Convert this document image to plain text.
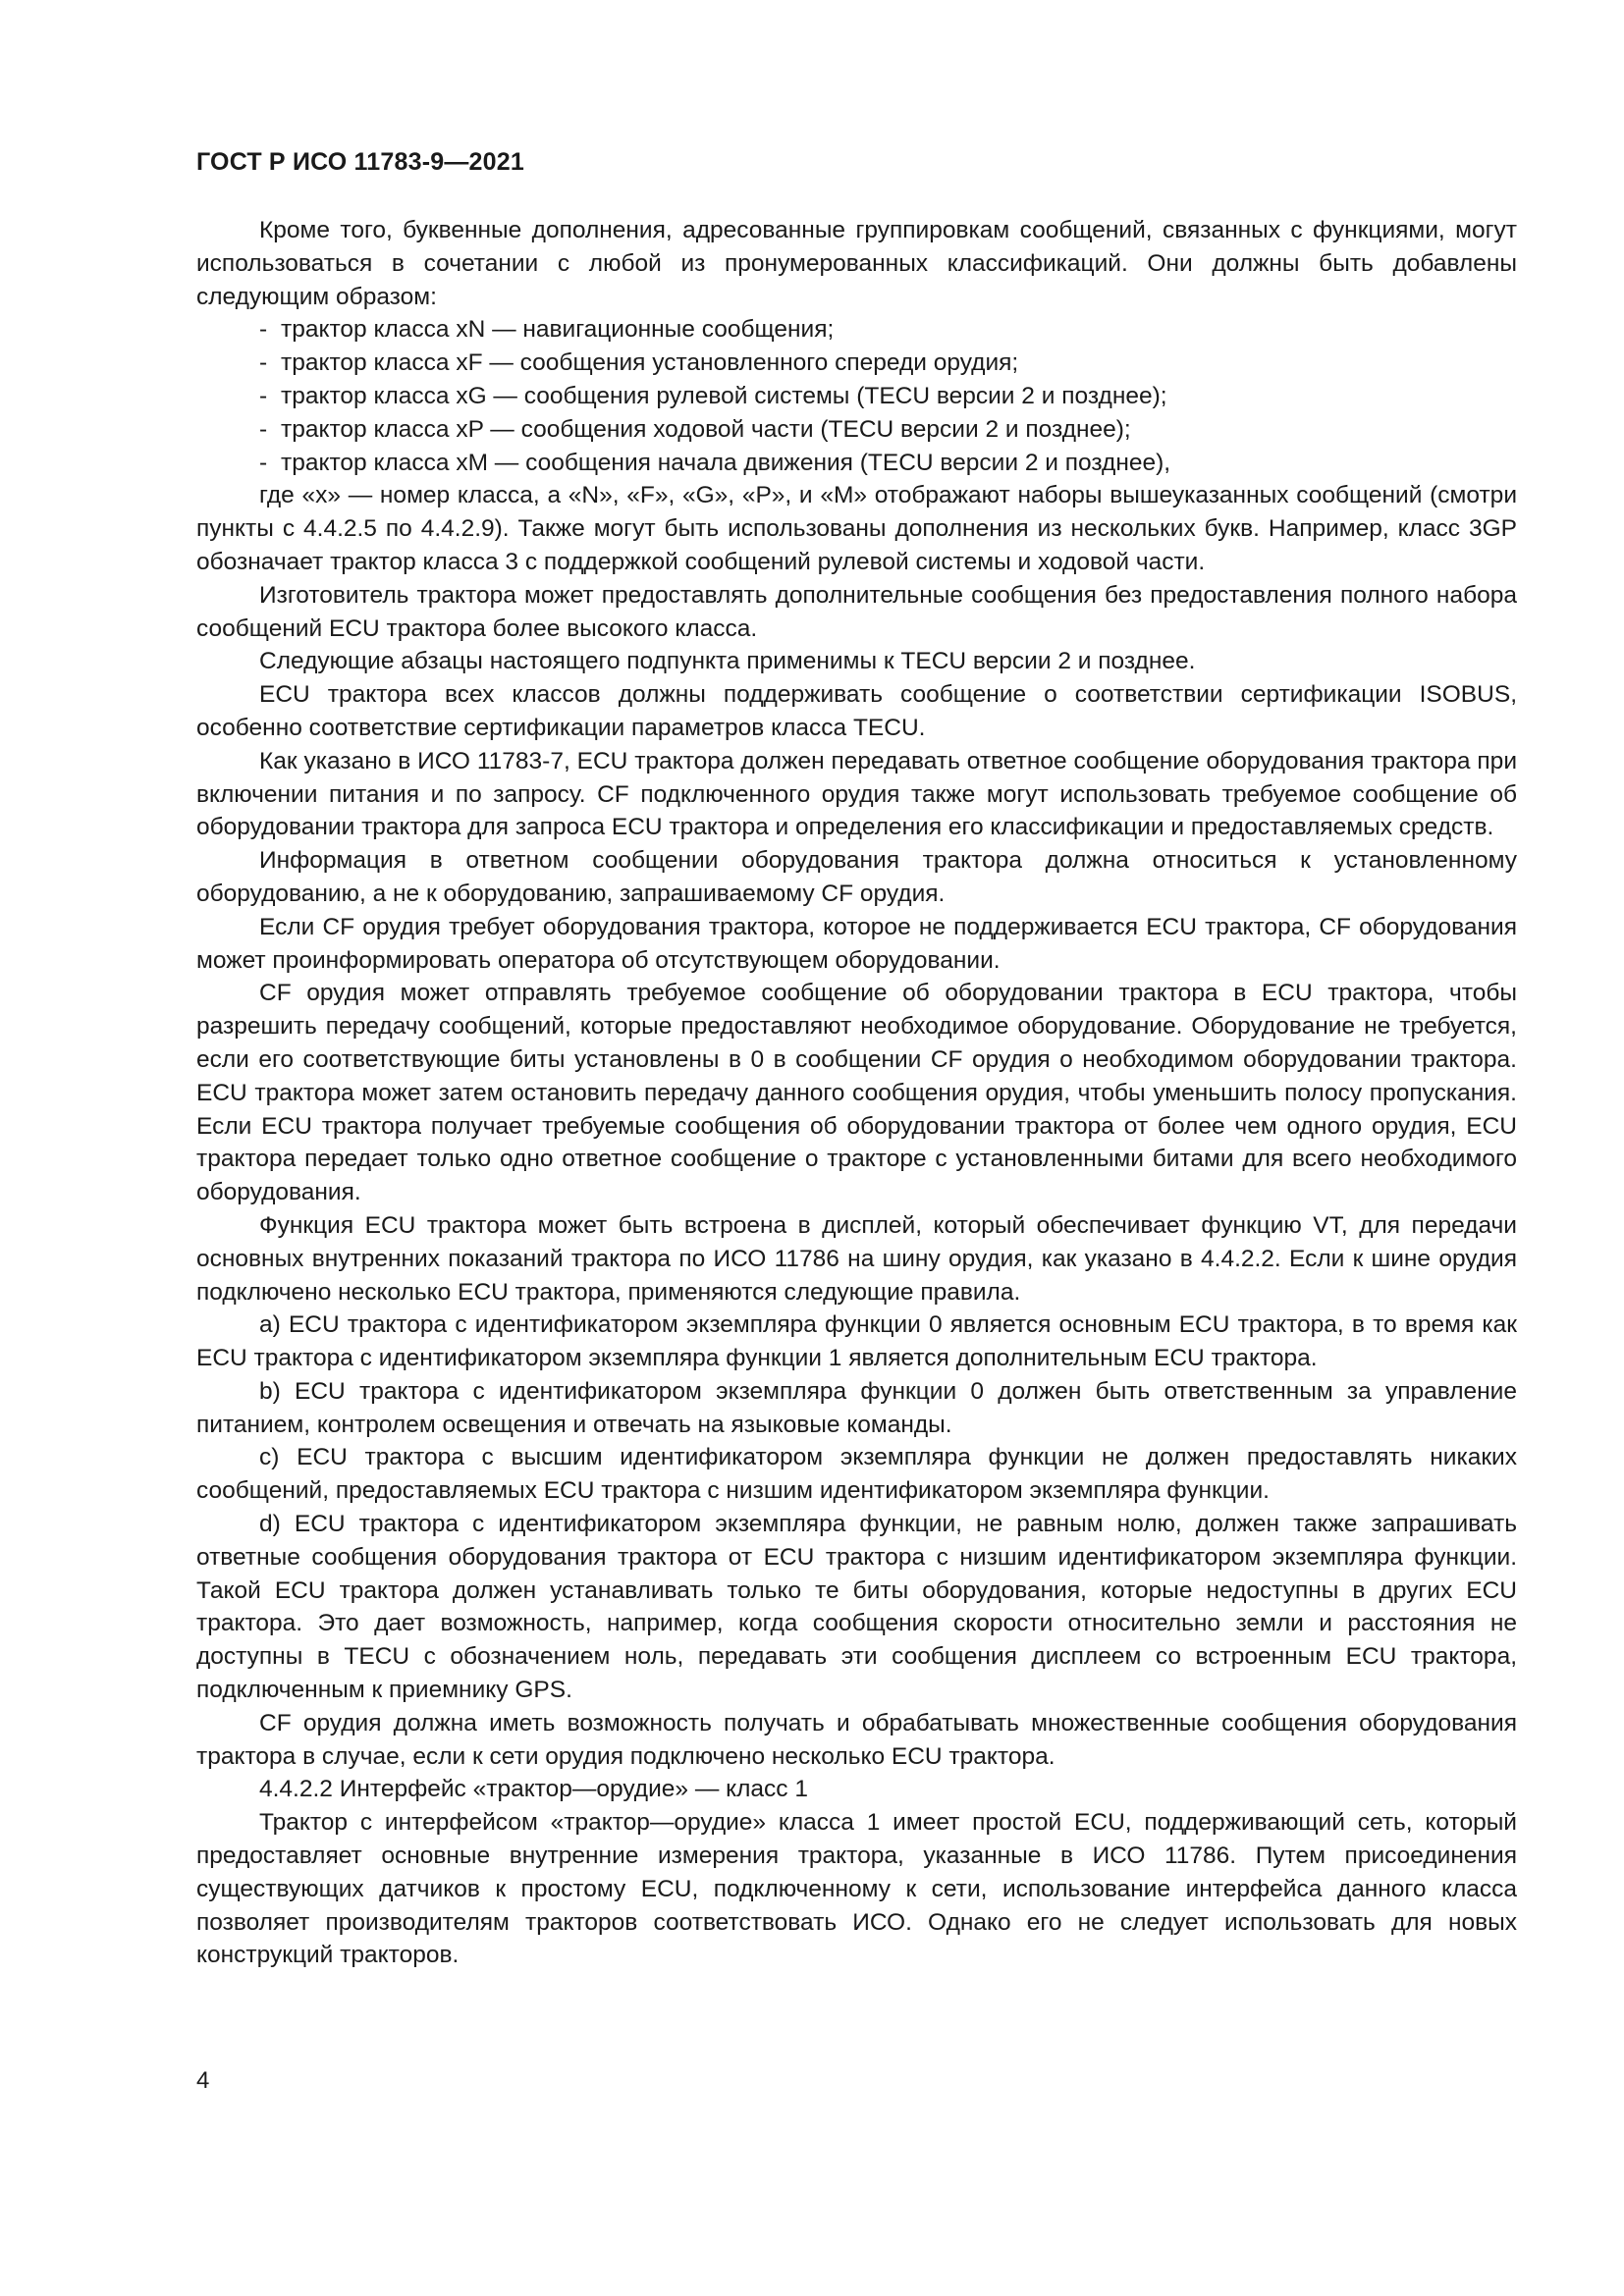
ГОСТ Р ИСО 11783-9—2021

Кроме того, буквенные дополнения, адресованные группировкам сообщений, связанных с функциями, могут использоваться в сочетании с любой из пронумерованных классификаций. Они должны быть добавлены следующим образом:

- трактор класса xN — навигационные сообщения;

- трактор класса xF — сообщения установленного спереди орудия;

- трактор класса xG — сообщения рулевой системы (TECU версии 2 и позднее);

- трактор класса xP — сообщения ходовой части (TECU версии 2 и позднее);

- трактор класса xM — сообщения начала движения (TECU версии 2 и позднее),

где «x» — номер класса, а «N», «F», «G», «P», и «M» отображают наборы вышеуказанных сообщений (смотри пункты с 4.4.2.5 по 4.4.2.9). Также могут быть использованы дополнения из нескольких букв. Например, класс 3GP обозначает трактор класса 3 с поддержкой сообщений рулевой системы и ходовой части.

Изготовитель трактора может предоставлять дополнительные сообщения без предоставления полного набора сообщений ECU трактора более высокого класса.

Следующие абзацы настоящего подпункта применимы к TECU версии 2 и позднее.

ECU трактора всех классов должны поддерживать сообщение о соответствии сертификации ISOBUS, особенно соответствие сертификации параметров класса TECU.

Как указано в ИСО 11783-7, ECU трактора должен передавать ответное сообщение оборудования трактора при включении питания и по запросу. CF подключенного орудия также могут использовать требуемое сообщение об оборудовании трактора для запроса ECU трактора и определения его классификации и предоставляемых средств.

Информация в ответном сообщении оборудования трактора должна относиться к установленному оборудованию, а не к оборудованию, запрашиваемому CF орудия.

Если CF орудия требует оборудования трактора, которое не поддерживается ECU трактора, CF оборудования может проинформировать оператора об отсутствующем оборудовании.

CF орудия может отправлять требуемое сообщение об оборудовании трактора в ECU трактора, чтобы разрешить передачу сообщений, которые предоставляют необходимое оборудование. Оборудование не требуется, если его соответствующие биты установлены в 0 в сообщении CF орудия о необходимом оборудовании трактора. ECU трактора может затем остановить передачу данного сообщения орудия, чтобы уменьшить полосу пропускания. Если ECU трактора получает требуемые сообщения об оборудовании трактора от более чем одного орудия, ECU трактора передает только одно ответное сообщение о тракторе с установленными битами для всего необходимого оборудования.

Функция ECU трактора может быть встроена в дисплей, который обеспечивает функцию VT, для передачи основных внутренних показаний трактора по ИСО 11786 на шину орудия, как указано в 4.4.2.2. Если к шине орудия подключено несколько ECU трактора, применяются следующие правила.

a) ECU трактора с идентификатором экземпляра функции 0 является основным ECU трактора, в то время как ECU трактора с идентификатором экземпляра функции 1 является дополнительным ECU трактора.

b) ECU трактора с идентификатором экземпляра функции 0 должен быть ответственным за управление питанием, контролем освещения и отвечать на языковые команды.

c) ECU трактора с высшим идентификатором экземпляра функции не должен предоставлять никаких сообщений, предоставляемых ECU трактора с низшим идентификатором экземпляра функции.

d) ECU трактора с идентификатором экземпляра функции, не равным нолю, должен также запрашивать ответные сообщения оборудования трактора от ECU трактора с низшим идентификатором экземпляра функции. Такой ECU трактора должен устанавливать только те биты оборудования, которые недоступны в других ECU трактора. Это дает возможность, например, когда сообщения скорости относительно земли и расстояния не доступны в TECU с обозначением ноль, передавать эти сообщения дисплеем со встроенным ECU трактора, подключенным к приемнику GPS.

CF орудия должна иметь возможность получать и обрабатывать множественные сообщения оборудования трактора в случае, если к сети орудия подключено несколько ECU трактора.

4.4.2.2 Интерфейс «трактор—орудие» — класс 1

Трактор с интерфейсом «трактор—орудие» класса 1 имеет простой ECU, поддерживающий сеть, который предоставляет основные внутренние измерения трактора, указанные в ИСО 11786. Путем присоединения существующих датчиков к простому ECU, подключенному к сети, использование интерфейса данного класса позволяет производителям тракторов соответствовать ИСО. Однако его не следует использовать для новых конструкций тракторов.

4
